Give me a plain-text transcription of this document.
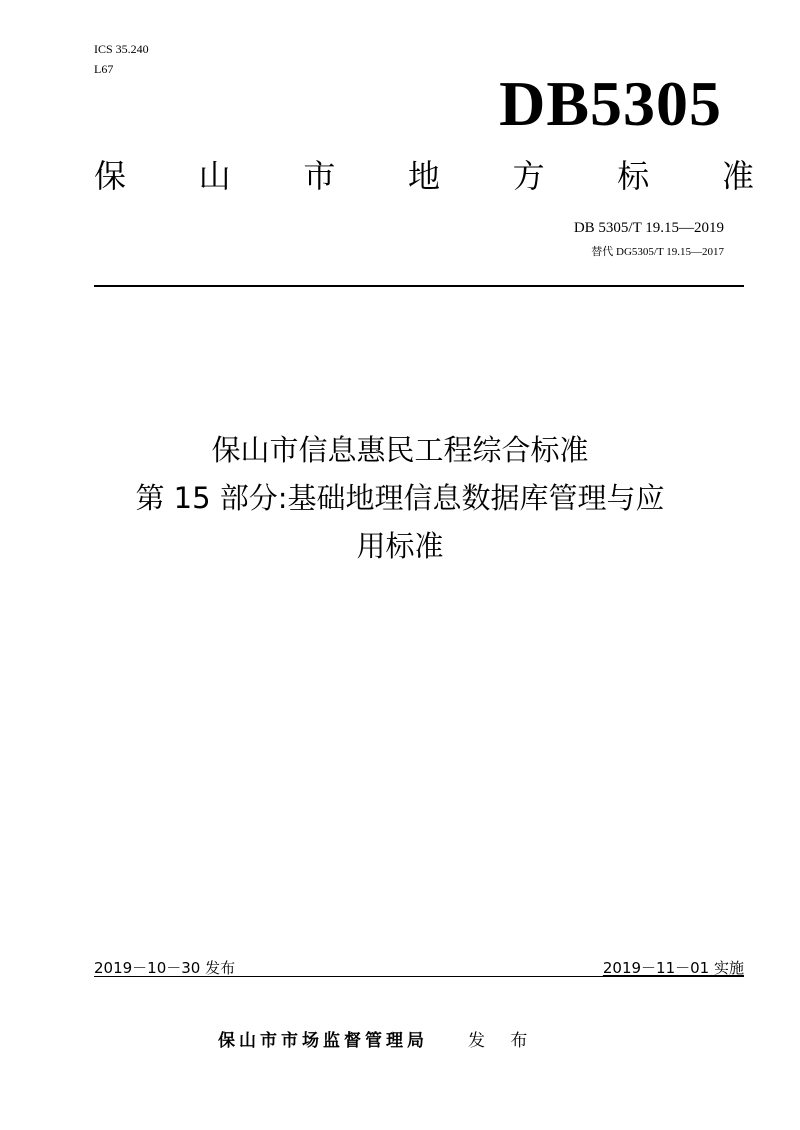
ICS 35.240
L67	DB5305
保 山 市 地 方 标 准
DB 5305/T 19.15—2019
替代 DG5305/T 19.15—2017
保山市信息惠民工程综合标准
第 15 部分:基础地理信息数据库管理与应
用标准
2019－10－30 发布	2019－11－01 实施
保山市市场监督管理局 发 布
